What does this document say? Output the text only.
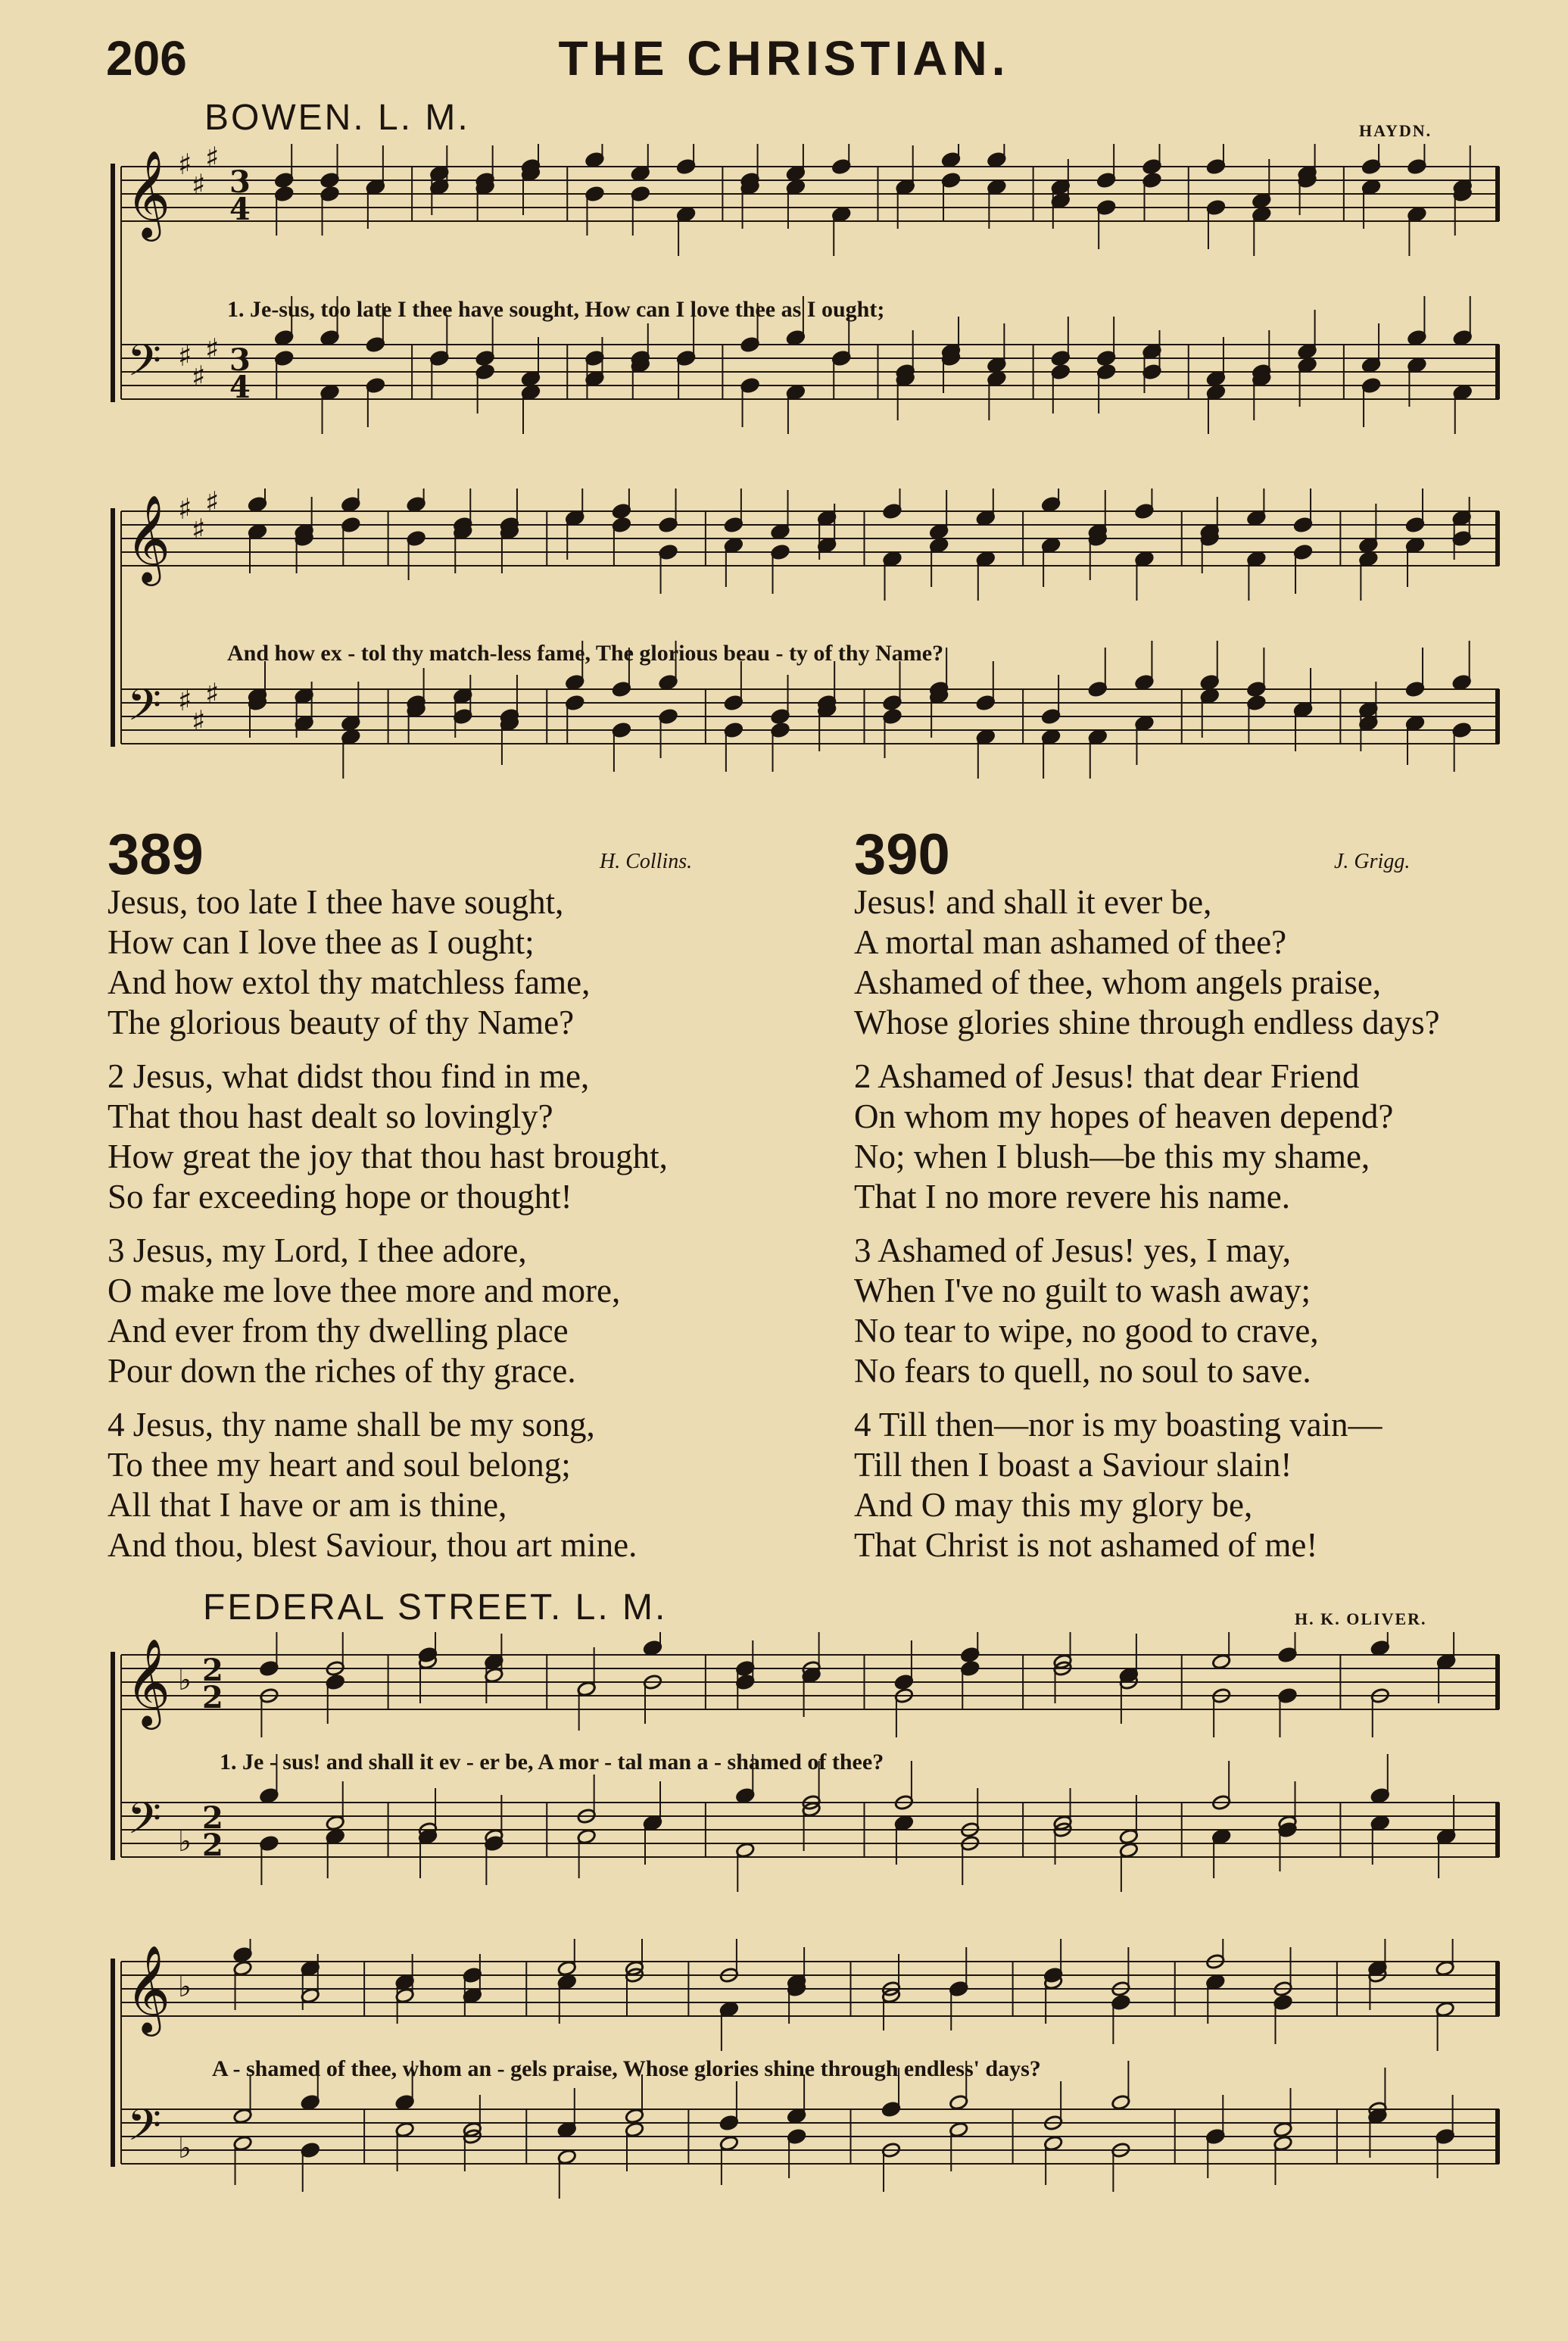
206	THE CHRISTIAN.
BOWEN. L. M.	HAYDN.
𝄞
𝄢
♯
♯
♯
♯
♯
♯
3
4
3
4
1. Je-sus, too late I thee have sought, How can I love thee as I ought;
𝄞
𝄢
♯
♯
♯
♯
♯
♯
And how ex - tol thy match-less fame, The glorious beau - ty of thy Name?
389	H. Collins.
Jesus, too late I thee have sought,
How can I love thee as I ought;
And how extol thy matchless fame,
The glorious beauty of thy Name?
2 Jesus, what didst thou find in me,
That thou hast dealt so lovingly?
How great the joy that thou hast brought,
So far exceeding hope or thought!
3 Jesus, my Lord, I thee adore,
O make me love thee more and more,
And ever from thy dwelling place
Pour down the riches of thy grace.
4 Jesus, thy name shall be my song,
To thee my heart and soul belong;
All that I have or am is thine,
And thou, blest Saviour, thou art mine.
390	J. Grigg.
Jesus! and shall it ever be,
A mortal man ashamed of thee?
Ashamed of thee, whom angels praise,
Whose glories shine through endless days?
2 Ashamed of Jesus! that dear Friend
On whom my hopes of heaven depend?
No; when I blush—be this my shame,
That I no more revere his name.
3 Ashamed of Jesus! yes, I may,
When I've no guilt to wash away;
No tear to wipe, no good to crave,
No fears to quell, no soul to save.
4 Till then—nor is my boasting vain—
Till then I boast a Saviour slain!
And O may this my glory be,
That Christ is not ashamed of me!
FEDERAL STREET. L. M.	H. K. OLIVER.
𝄞
𝄢
♭
♭
2
2
2
2
1. Je - sus! and shall it ev - er be, A mor - tal man a - shamed of thee?
𝄞
𝄢
♭
♭
A - shamed of thee, whom an - gels praise, Whose glories shine through endless' days?
